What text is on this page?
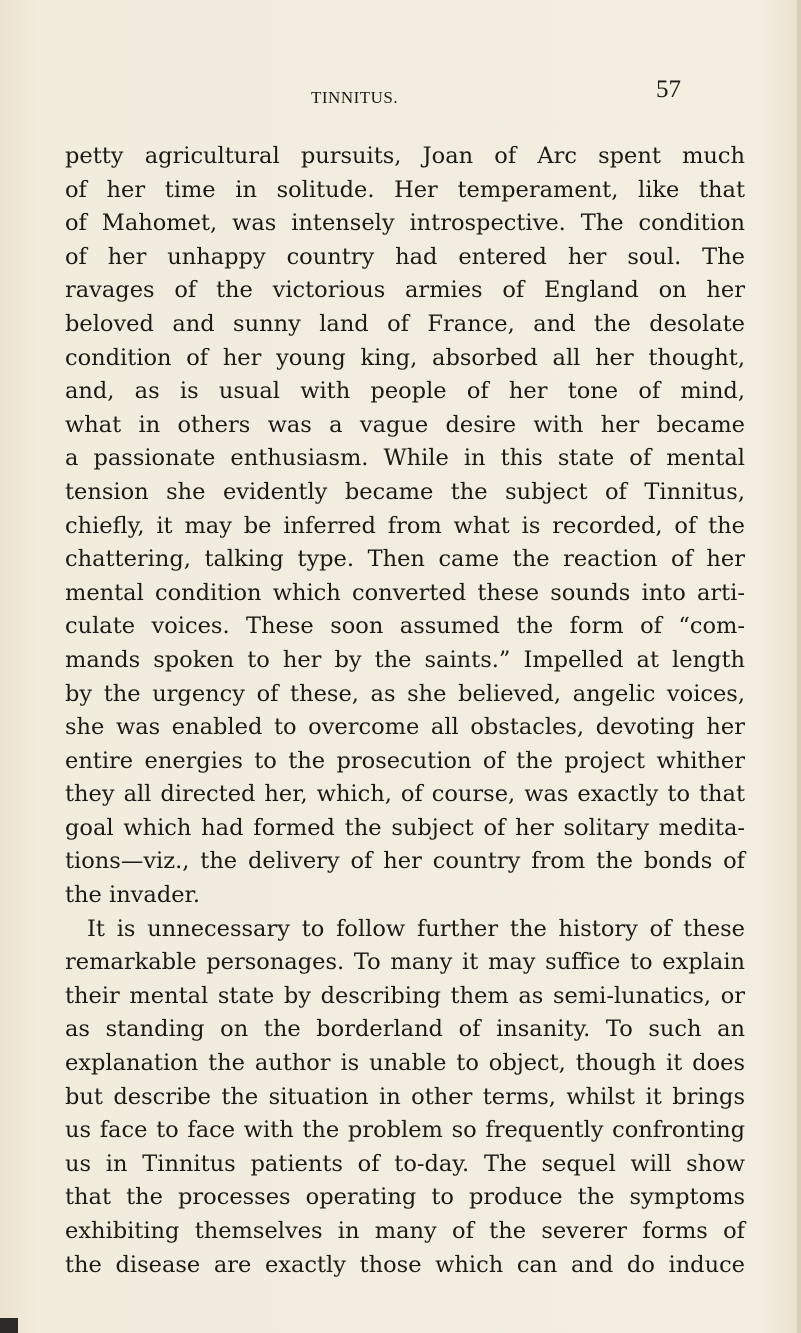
TINNITUS.	57
petty agricultural pursuits, Joan of Arc spent much
of her time in solitude. Her temperament, like that
of Mahomet, was intensely introspective. The condition
of her unhappy country had entered her soul. The
ravages of the victorious armies of England on her
beloved and sunny land of France, and the desolate
condition of her young king, absorbed all her thought,
and, as is usual with people of her tone of mind,
what in others was a vague desire with her became
a passionate enthusiasm. While in this state of mental
tension she evidently became the subject of Tinnitus,
chiefly, it may be inferred from what is recorded, of the
chattering, talking type. Then came the reaction of her
mental condition which converted these sounds into arti-
culate voices. These soon assumed the form of “com-
mands spoken to her by the saints.” Impelled at length
by the urgency of these, as she believed, angelic voices,
she was enabled to overcome all obstacles, devoting her
entire energies to the prosecution of the project whither
they all directed her, which, of course, was exactly to that
goal which had formed the subject of her solitary medita-
tions—viz., the delivery of her country from the bonds of
the invader.
It is unnecessary to follow further the history of these
remarkable personages. To many it may suffice to explain
their mental state by describing them as semi-lunatics, or
as standing on the borderland of insanity. To such an
explanation the author is unable to object, though it does
but describe the situation in other terms, whilst it brings
us face to face with the problem so frequently confronting
us in Tinnitus patients of to-day. The sequel will show
that the processes operating to produce the symptoms
exhibiting themselves in many of the severer forms of
the disease are exactly those which can and do induce
